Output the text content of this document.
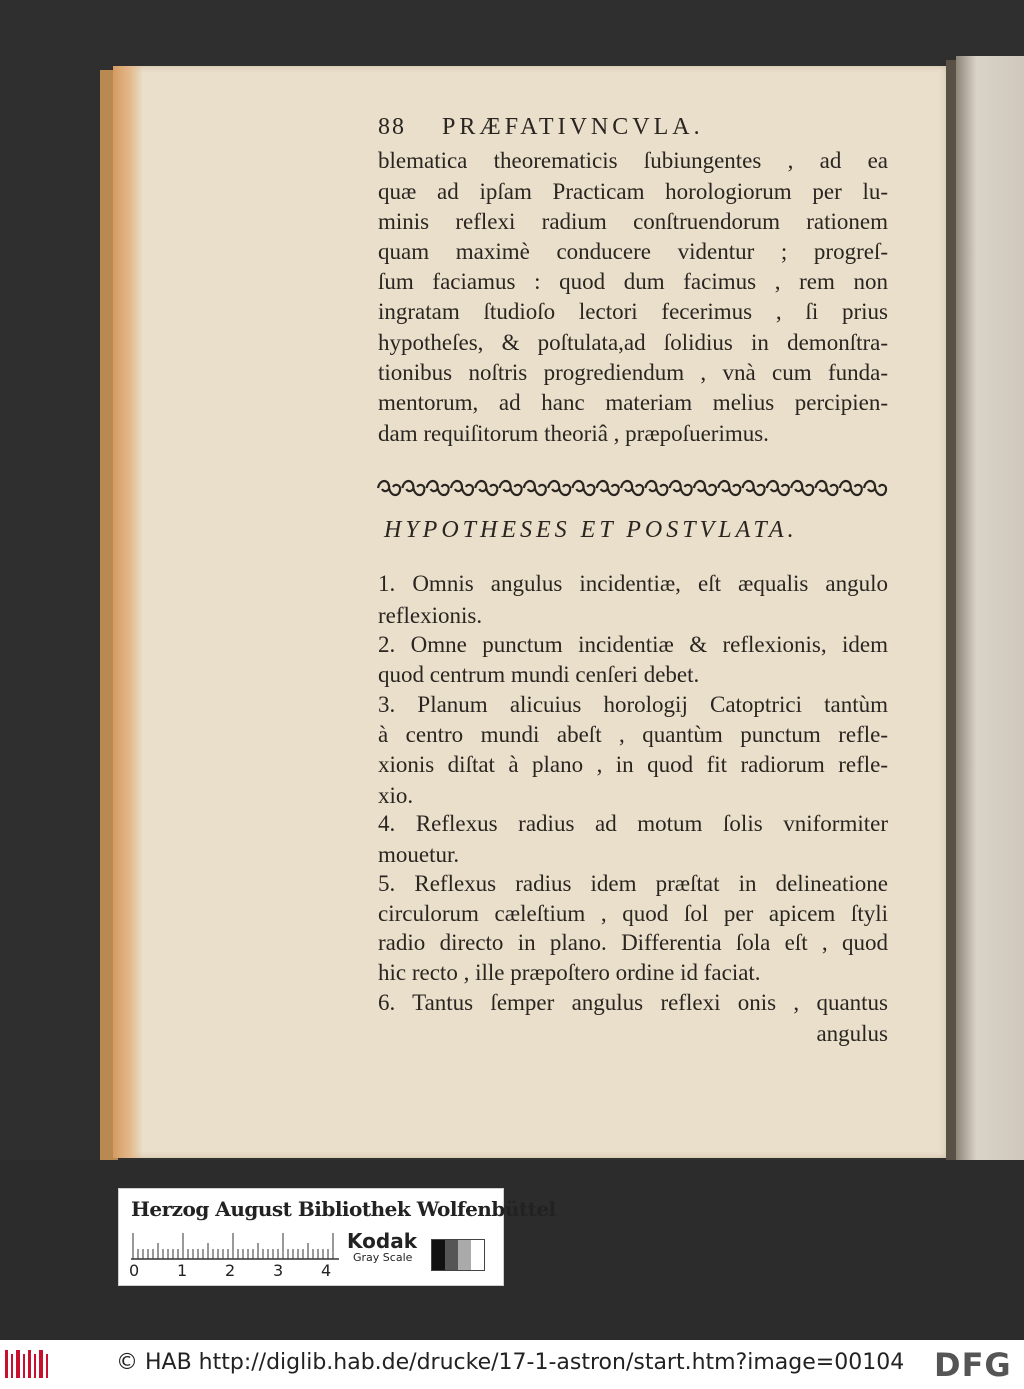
88 PRÆFATIVNCVLA.
blematica theorematicis ſubiungentes , ad ea
quæ ad ipſam Practicam horologiorum per lu-
minis reflexi radium conſtruendorum rationem
quam maximè conducere videntur ; progreſ-
ſum faciamus : quod dum facimus , rem non
ingratam ſtudioſo lectori fecerimus , ſi prius
hypotheſes, & poſtulata,ad ſolidius in demonſtra-
tionibus noſtris progrediendum , vnà cum funda-
mentorum, ad hanc materiam melius percipien-
dam requiſitorum theoriâ , præpoſuerimus.
HYPOTHESES ET POSTVLATA.
1. Omnis angulus incidentiæ, eſt æqualis angulo
reflexionis.
2. Omne punctum incidentiæ & reflexionis, idem
quod centrum mundi cenſeri debet.
3. Planum alicuius horologij Catoptrici tantùm
à centro mundi abeſt , quantùm punctum refle-
xionis diſtat à plano , in quod fit radiorum refle-
xio.
4. Reflexus radius ad motum ſolis vniformiter
mouetur.
5. Reflexus radius idem præſtat in delineatione
circulorum cæleſtium , quod ſol per apicem ſtyli
radio directo in plano. Differentia ſola eſt , quod
hic recto , ille præpoſtero ordine id faciat.
6. Tantus ſemper angulus reflexi onis , quantus
angulus
Herzog August Bibliothek Wolfenbüttel
0 1 2 3 4
Kodak
Gray Scale
© HAB http://diglib.hab.de/drucke/17-1-astron/start.htm?image=00104 DFG
